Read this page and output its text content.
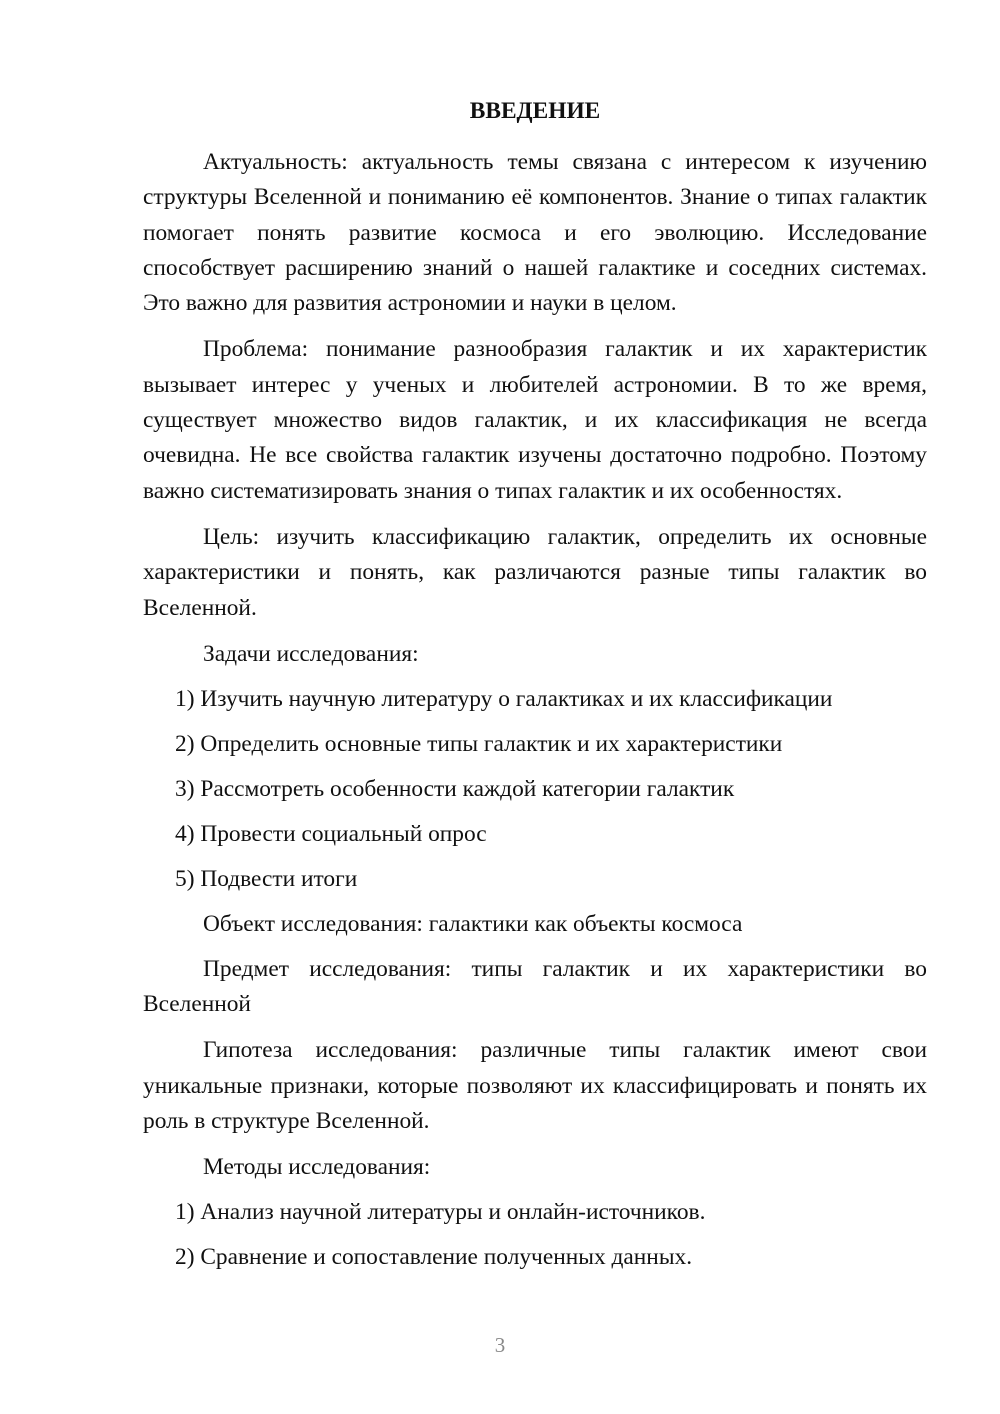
ВВЕДЕНИЕ
Актуальность: актуальность темы связана с интересом к изучению структуры Вселенной и пониманию её компонентов. Знание о типах галактик помогает понять развитие космоса и его эволюцию. Исследование способствует расширению знаний о нашей галактике и соседних системах. Это важно для развития астрономии и науки в целом.
Проблема: понимание разнообразия галактик и их характеристик вызывает интерес у ученых и любителей астрономии. В то же время, существует множество видов галактик, и их классификация не всегда очевидна. Не все свойства галактик изучены достаточно подробно. Поэтому важно систематизировать знания о типах галактик и их особенностях.
Цель: изучить классификацию галактик, определить их основные характеристики и понять, как различаются разные типы галактик во Вселенной.
Задачи исследования:
1) Изучить научную литературу о галактиках и их классификации
2) Определить основные типы галактик и их характеристики
3) Рассмотреть особенности каждой категории галактик
4) Провести социальный опрос
5) Подвести итоги
Объект исследования: галактики как объекты космоса
Предмет исследования: типы галактик и их характеристики во Вселенной
Гипотеза исследования: различные типы галактик имеют свои уникальные признаки, которые позволяют их классифицировать и понять их роль в структуре Вселенной.
Методы исследования:
1) Анализ научной литературы и онлайн-источников.
2) Сравнение и сопоставление полученных данных.
3
